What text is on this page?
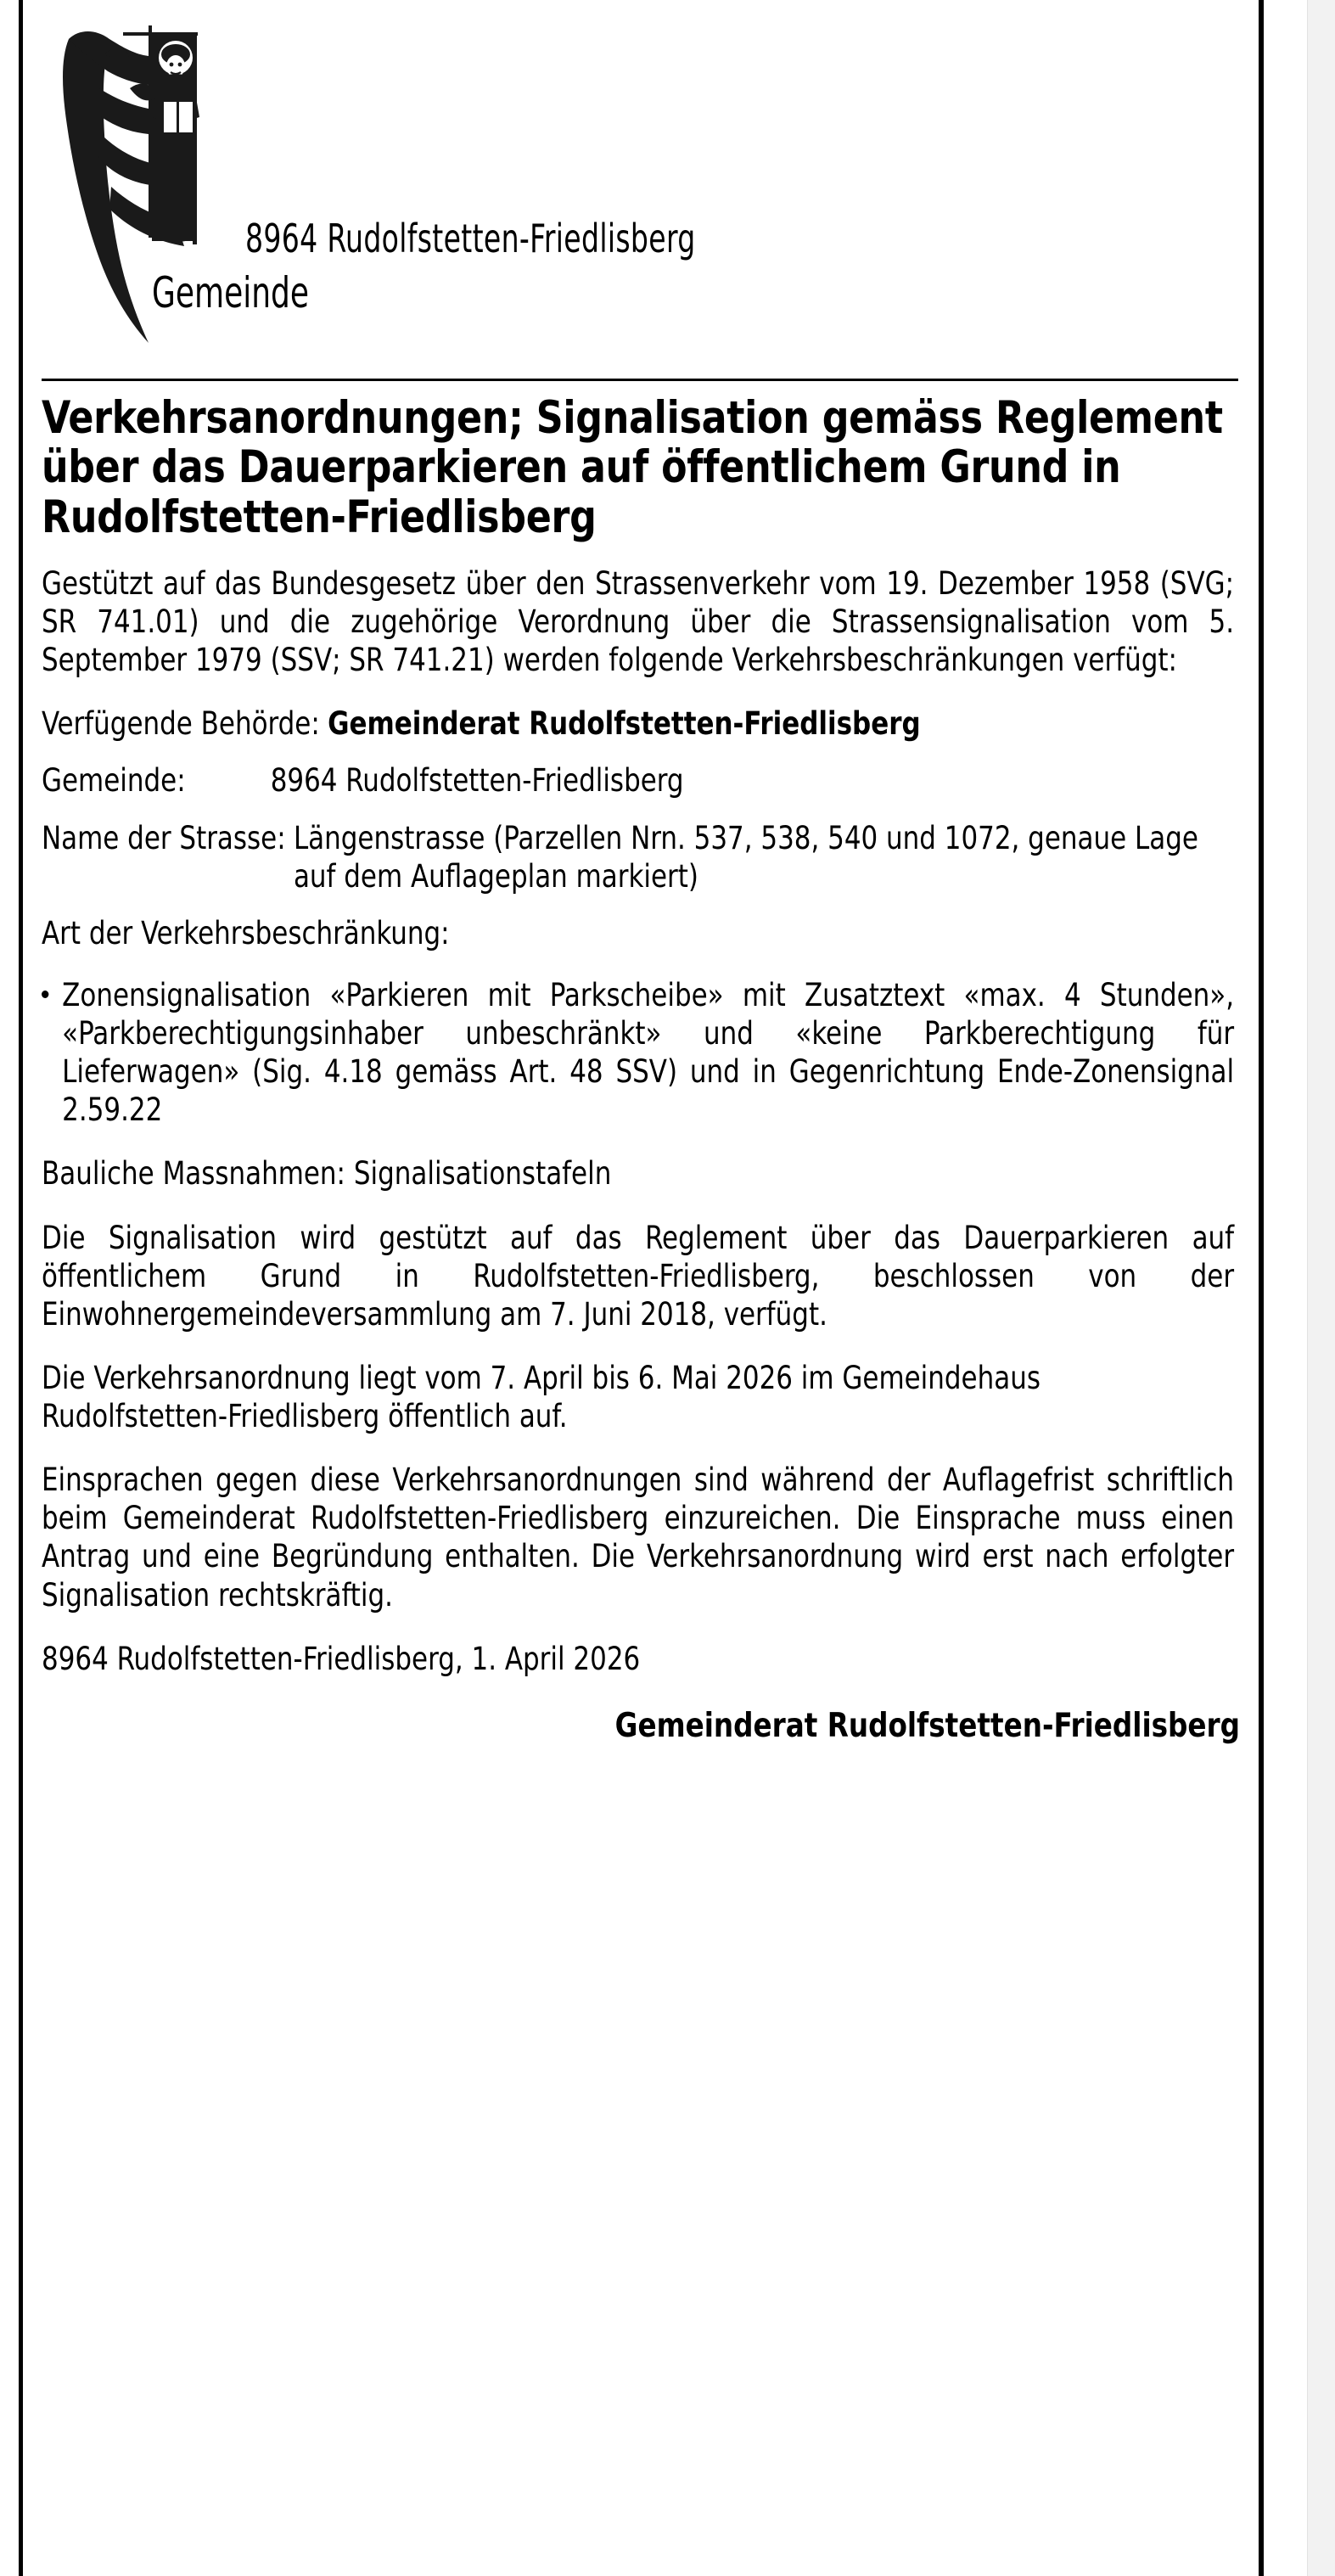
8964 Rudolfstetten-Friedlisberg
Gemeinde
Verkehrsanordnungen; Signalisation gemäss Reglement über das Dauerparkieren auf öffentlichem Grund in Rudolfstetten-Friedlisberg

Gestützt auf das Bundesgesetz über den Strassenverkehr vom 19. Dezember 1958 (SVG; SR 741.01) und die zugehörige Verordnung über die Strassensignalisation vom 5. September 1979 (SSV; SR 741.21) werden folgende Verkehrsbeschränkungen verfügt:

Verfügende Behörde: Gemeinderat Rudolfstetten-Friedlisberg
Gemeinde:	8964 Rudolfstetten-Friedlisberg
Name der Strasse: Längenstrasse (Parzellen Nrn. 537, 538, 540 und 1072, genaue Lage auf dem Auflageplan markiert)
Art der Verkehrsbeschränkung:
Zonensignalisation «Parkieren mit Parkscheibe» mit Zusatztext «max. 4 Stunden», «Parkberechtigungsinhaber unbeschränkt» und «keine Parkberechtigung für Lieferwagen» (Sig. 4.18 gemäss Art. 48 SSV) und in Gegenrichtung Ende-Zonensignal 2.59.22

Bauliche Massnahmen: Signalisationstafeln

Die Signalisation wird gestützt auf das Reglement über das Dauerparkieren auf öffentlichem Grund in Rudolfstetten-Friedlisberg, beschlossen von der Einwohnergemeindeversammlung am 7. Juni 2018, verfügt.

Die Verkehrsanordnung liegt vom 7. April bis 6. Mai 2026 im Gemeindehaus Rudolfstetten-Friedlisberg öffentlich auf.

Einsprachen gegen diese Verkehrsanordnungen sind während der Auflagefrist schriftlich beim Gemeinderat Rudolfstetten-Friedlisberg einzureichen. Die Einsprache muss einen Antrag und eine Begründung enthalten. Die Verkehrsanordnung wird erst nach erfolgter Signalisation rechtskräftig.

8964 Rudolfstetten-Friedlisberg, 1. April 2026
Gemeinderat Rudolfstetten-Friedlisberg
